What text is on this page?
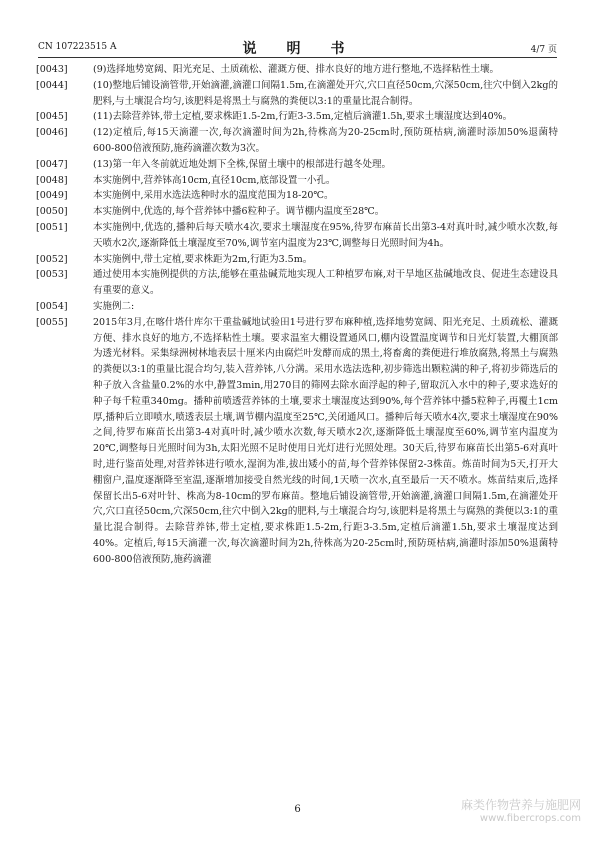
CN 107223515 A	说　明　书	4/7 页

[0043]	(9)选择地势宽阔、阳光充足、土质疏松、灌溉方便、排水良好的地方进行整地,不选择粘性土壤。

[0044]	(10)整地后铺设滴管带,开始滴灌,滴灌口间隔1.5m,在滴灌处开穴,穴口直径50cm,穴深50cm,往穴中倒入2kg的肥料,与土壤混合均匀,该肥料是将黑土与腐熟的粪便以3:1的重量比混合制得。

[0045]	(11)去除营养钵,带土定植,要求株距1.5-2m,行距3-3.5m,定植后滴灌1.5h,要求土壤湿度达到40%。

[0046]	(12)定植后,每15天滴灌一次,每次滴灌时间为2h,待株高为20-25cm时,预防斑枯病,滴灌时添加50%退菌特600-800倍液预防,施药滴灌次数为3次。

[0047]	(13)第一年入冬前就近地处割下全株,保留土壤中的根部进行越冬处理。

[0048]	本实施例中,营养钵高10cm,直径10cm,底部设置一小孔。

[0049]	本实施例中,采用水选法选种时水的温度范围为18-20℃。

[0050]	本实施例中,优选的,每个营养钵中播6粒种子。调节棚内温度至28℃。

[0051]	本实施例中,优选的,播种后每天喷水4次,要求土壤湿度在95%,待罗布麻苗长出第3-4对真叶时,减少喷水次数,每天喷水2次,逐渐降低土壤湿度至70%,调节室内温度为23℃,调整每日光照时间为4h。

[0052]	本实施例中,带土定植,要求株距为2m,行距为3.5m。

[0053]	通过使用本实施例提供的方法,能够在重盐碱荒地实现人工种植罗布麻,对干旱地区盐碱地改良、促进生态建设具有重要的意义。

[0054]	实施例二:

[0055]	2015年3月,在喀什塔什库尔干重盐碱地试验田1号进行罗布麻种植,选择地势宽阔、阳光充足、土质疏松、灌溉方便、排水良好的地方,不选择粘性土壤。要求温室大棚设置通风口,棚内设置温度调节和日光灯装置,大棚顶部为透光材料。采集绿洲树林地表层十厘米内由腐烂叶发酵而成的黑土,将畜禽的粪便进行堆放腐熟,将黑土与腐熟的粪便以3:1的重量比混合均匀,装入营养钵,八分满。采用水选法选种,初步筛选出颗粒满的种子,将初步筛选后的种子放入含盐量0.2%的水中,静置3min,用270目的筛网去除水面浮起的种子,留取沉入水中的种子,要求选好的种子每千粒重340mg。播种前喷透营养钵的土壤,要求土壤湿度达到90%,每个营养钵中播5粒种子,再覆土1cm厚,播种后立即喷水,喷透表层土壤,调节棚内温度至25℃,关闭通风口。播种后每天喷水4次,要求土壤湿度在90%之间,待罗布麻苗长出第3-4对真叶时,减少喷水次数,每天喷水2次,逐渐降低土壤湿度至60%,调节室内温度为20℃,调整每日光照时间为3h,太阳光照不足时使用日光灯进行光照处理。30天后,待罗布麻苗长出第5-6对真叶时,进行鉴苗处理,对营养钵进行喷水,湿润为准,拔出矮小的苗,每个营养钵保留2-3株苗。炼苗时间为5天,打开大棚窗户,温度逐渐降至室温,逐渐增加接受自然光线的时间,1天喷一次水,直至最后一天不喷水。炼苗结束后,选择保留长出5-6对叶针、株高为8-10cm的罗布麻苗。整地后铺设滴管带,开始滴灌,滴灌口间隔1.5m,在滴灌处开穴,穴口直径50cm,穴深50cm,往穴中倒入2kg的肥料,与土壤混合均匀,该肥料是将黑土与腐熟的粪便以3:1的重量比混合制得。去除营养钵,带土定植,要求株距1.5-2m,行距3-3.5m,定植后滴灌1.5h,要求土壤湿度达到40%。定植后,每15天滴灌一次,每次滴灌时间为2h,待株高为20-25cm时,预防斑枯病,滴灌时添加50%退菌特600-800倍液预防,施药滴灌

6	麻类作物营养与施肥网
www.fibercrops.com
